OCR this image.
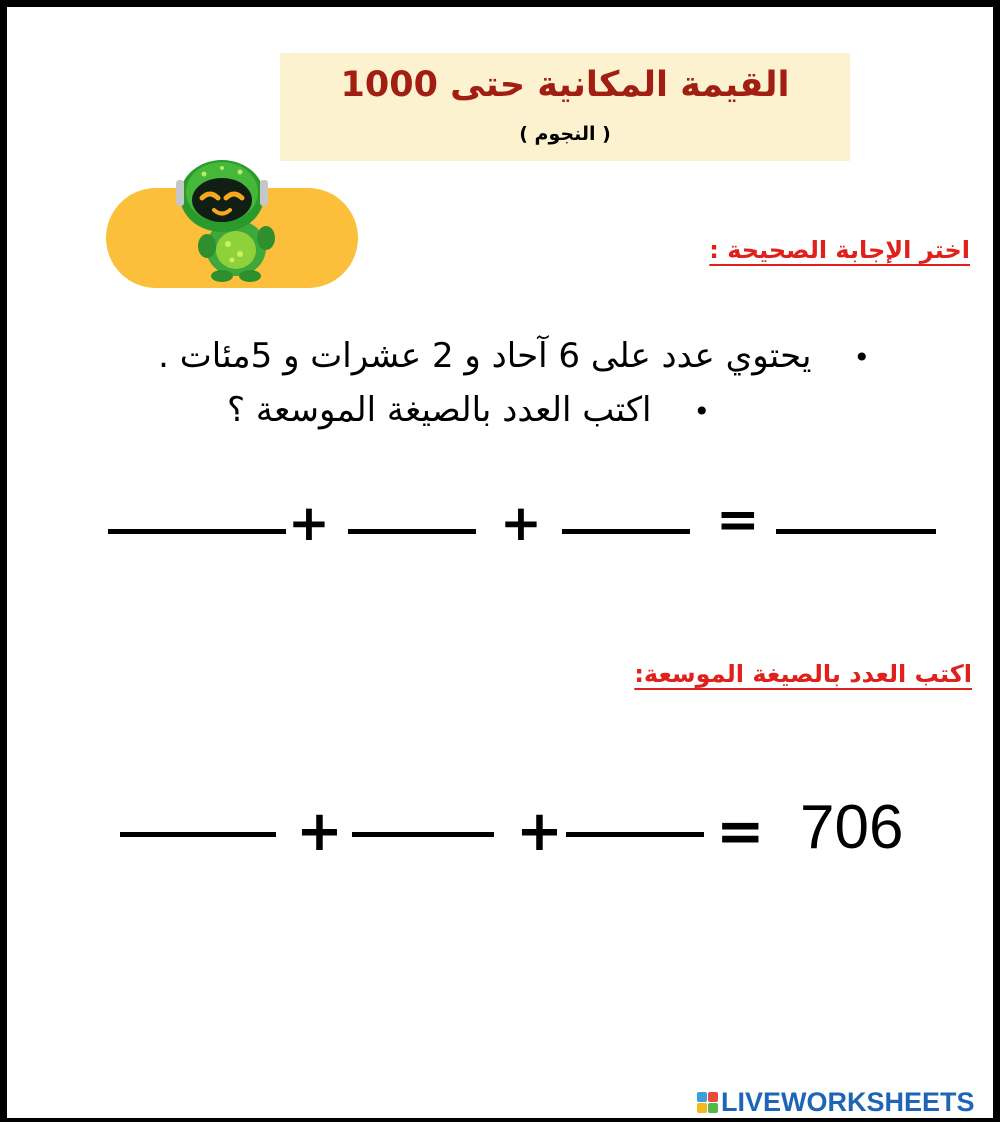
القيمة المكانية حتى 1000
( النجوم )
اختر الإجابة الصحيحة :
•يحتوي عدد على 6 آحاد و 2 عشرات و 5مئات .
•اكتب العدد بالصيغة الموسعة ؟
+	+	=
اكتب العدد بالصيغة الموسعة:
+	+	= 706
LIVEWORKSHEETS
